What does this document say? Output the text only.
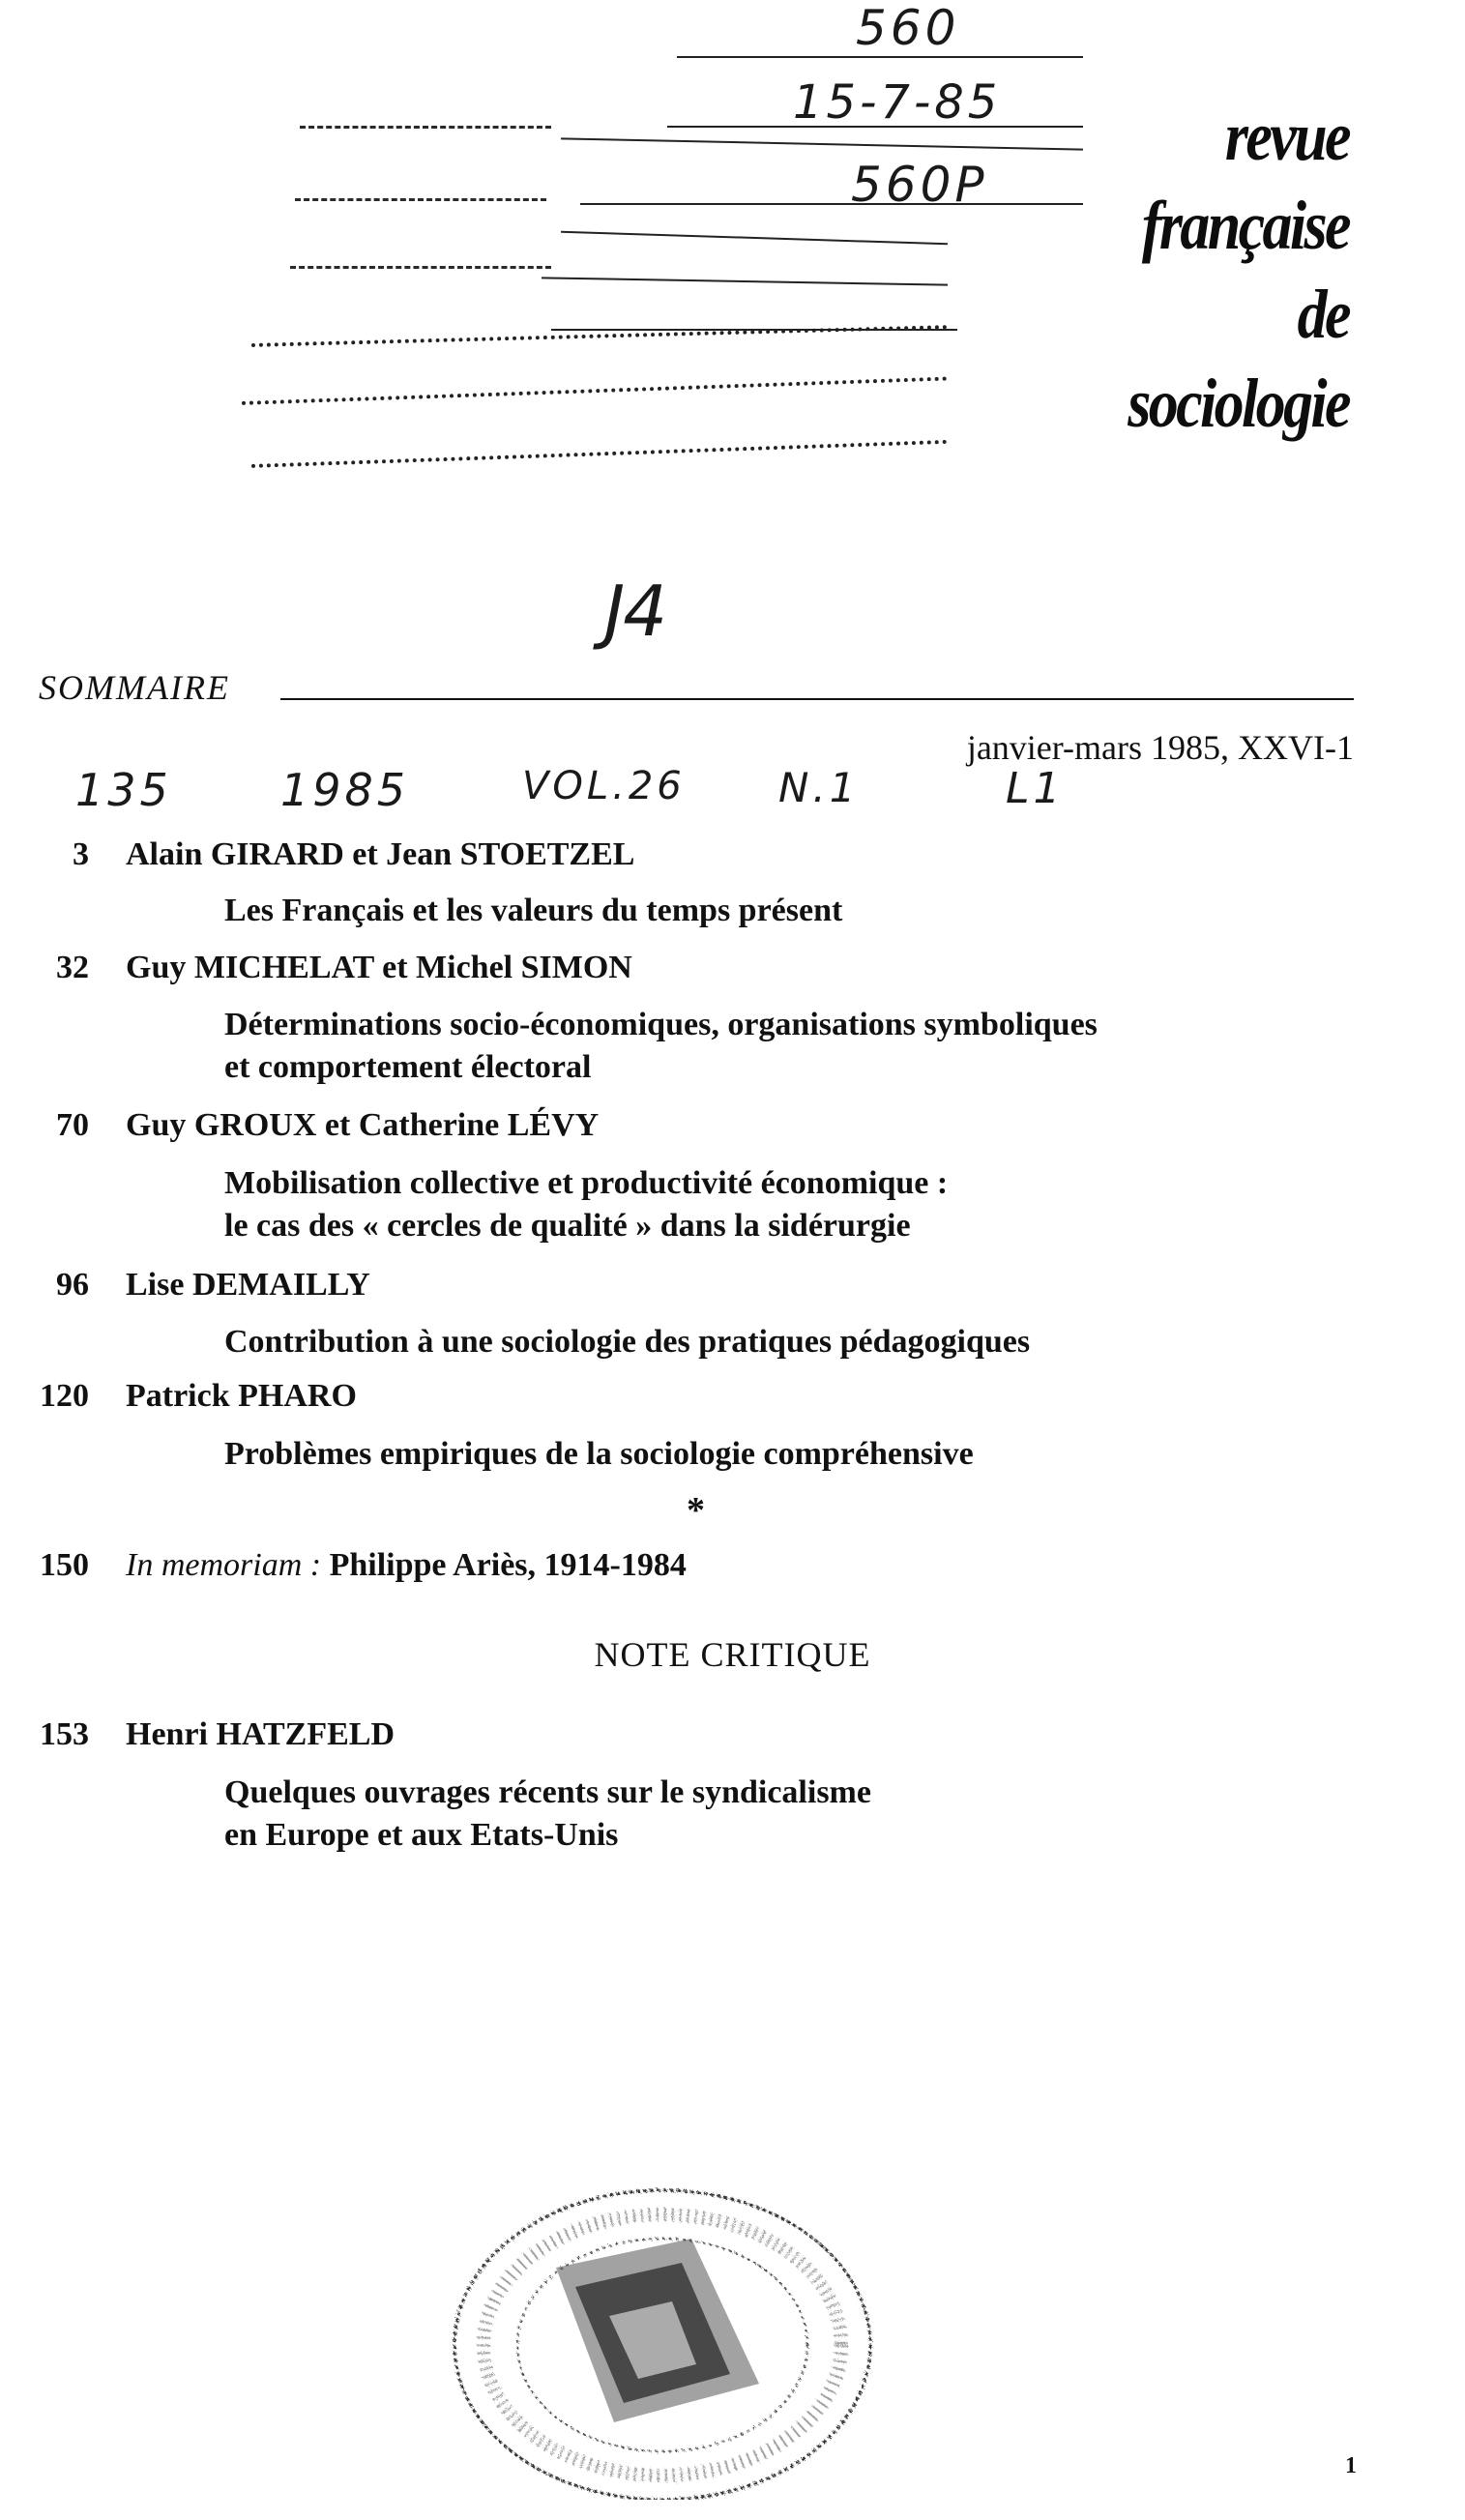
560
15-7-85
560P
revue
française
de
sociologie
J4
SOMMAIRE
janvier-mars 1985, XXVI-1
135 1985	VOL.26 N.1	L1
3 Alain GIRARD et Jean STOETZEL
Les Français et les valeurs du temps présent
32 Guy MICHELAT et Michel SIMON
Déterminations socio-économiques, organisations symboliques
et comportement électoral
70 Guy GROUX et Catherine LÉVY
Mobilisation collective et productivité économique :
le cas des « cercles de qualité » dans la sidérurgie
96 Lise DEMAILLY
Contribution à une sociologie des pratiques pédagogiques
120 Patrick PHARO
Problèmes empiriques de la sociologie compréhensive
*
150 In memoriam : Philippe Ariès, 1914-1984
NOTE CRITIQUE
153 Henri HATZFELD
Quelques ouvrages récents sur le syndicalisme
en Europe et aux Etats-Unis
1
